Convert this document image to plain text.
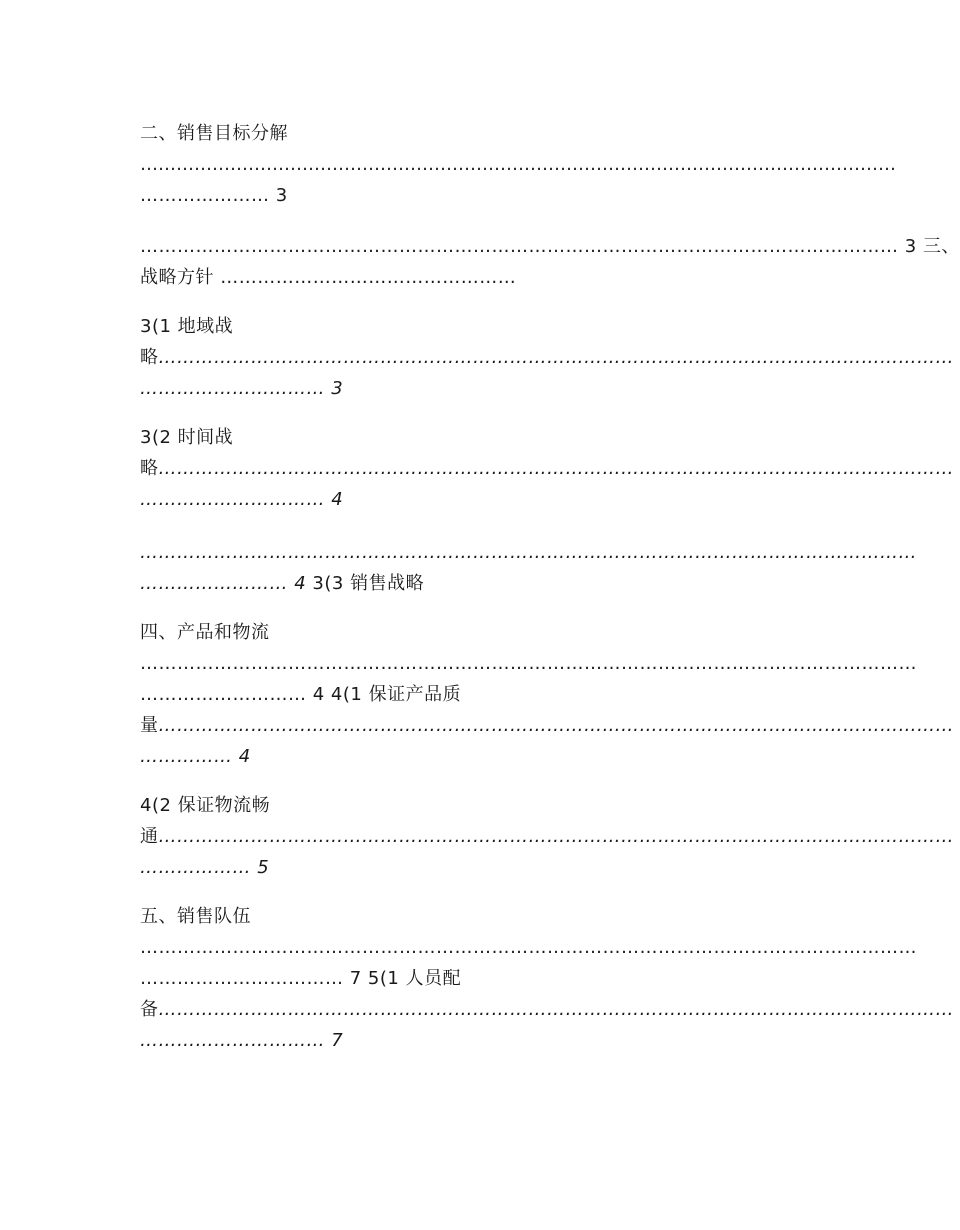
二、销售目标分解
………………………………………………………………………………………………………………
………………… 3
…………………………………………………………………………………………………………… 3 三、
战略方针 …………………………………………
3(1 地域战
略…………………………………………………………………………………………………………………
………………………… 3
3(2 时间战
略…………………………………………………………………………………………………………………
………………………… 4
………………………………………………………………………………………………………………
…………………… 4 3(3 销售战略
四、产品和物流
………………………………………………………………………………………………………………
……………………… 4 4(1 保证产品质
量…………………………………………………………………………………………………………………
…………… 4
4(2 保证物流畅
通…………………………………………………………………………………………………………………
……………… 5
五、销售队伍
………………………………………………………………………………………………………………
…………………………… 7 5(1 人员配
备…………………………………………………………………………………………………………………
………………………… 7
